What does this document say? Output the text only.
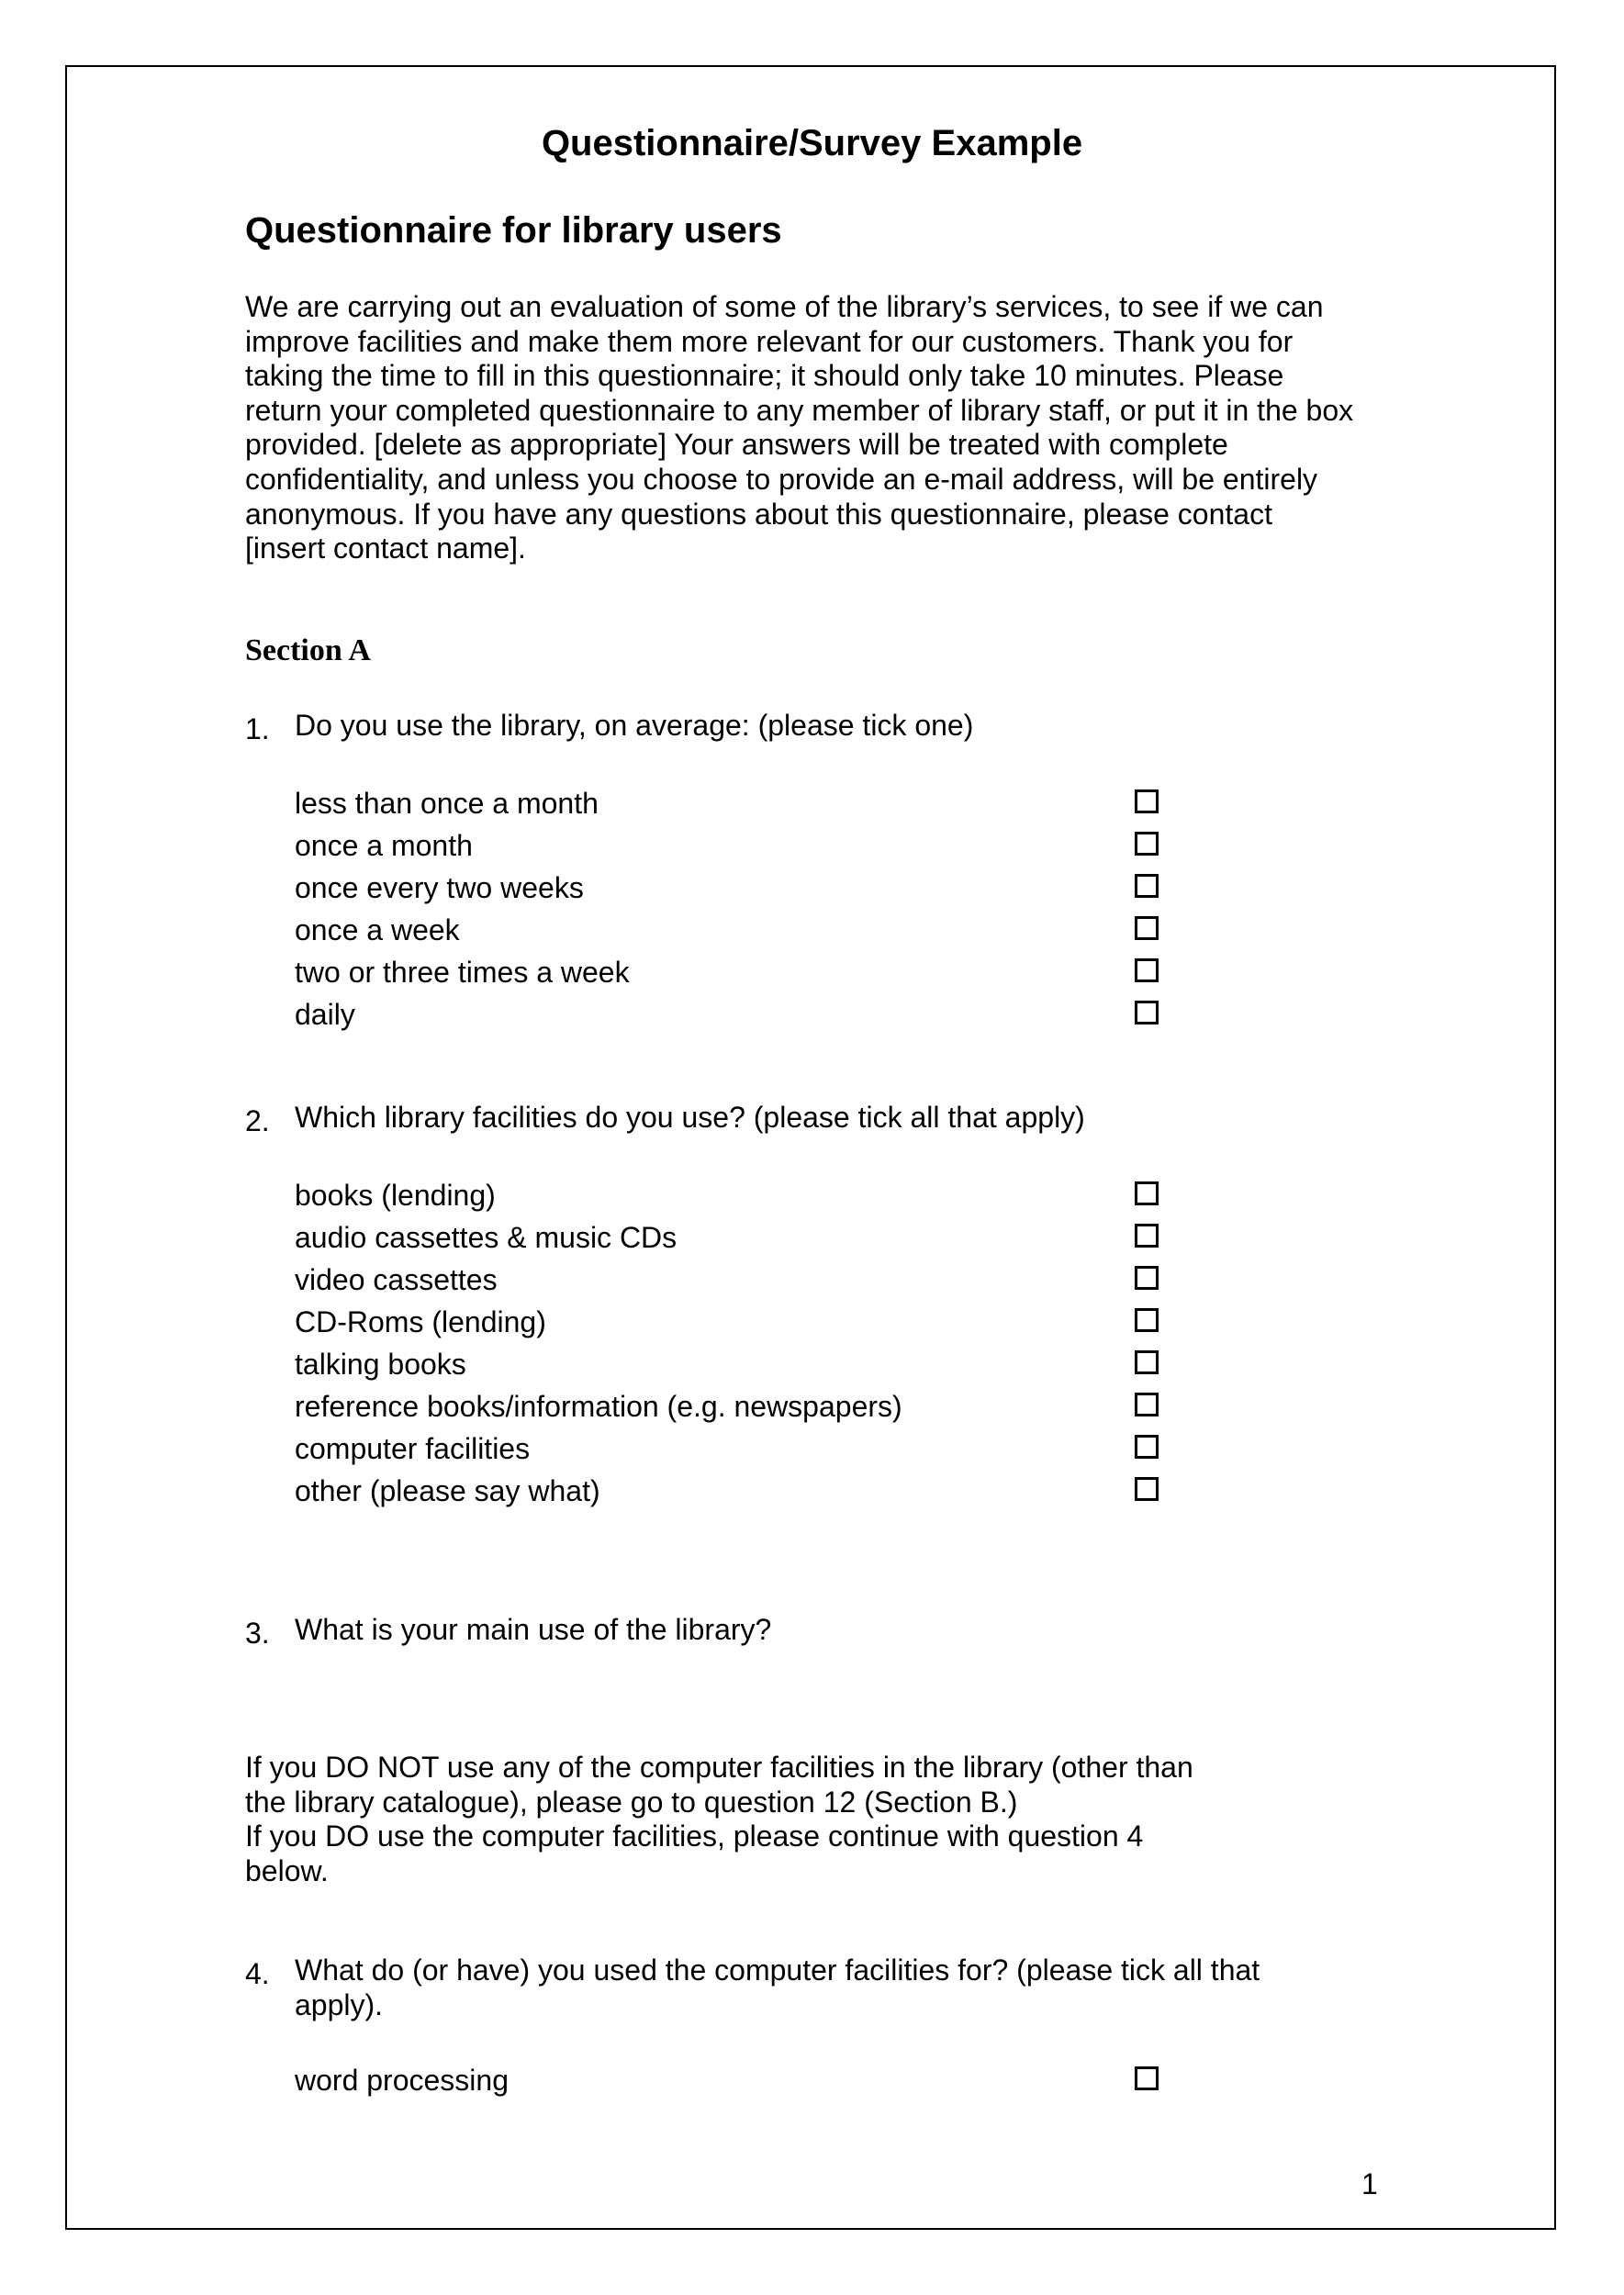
Questionnaire/Survey Example
Questionnaire for library users
We are carrying out an evaluation of some of the library’s services, to see if we can
improve facilities and make them more relevant for our customers. Thank you for
taking the time to fill in this questionnaire; it should only take 10 minutes. Please
return your completed questionnaire to any member of library staff, or put it in the box
provided. [delete as appropriate] Your answers will be treated with complete
confidentiality, and unless you choose to provide an e-mail address, will be entirely
anonymous. If you have any questions about this questionnaire, please contact
[insert contact name].
Section A
1. Do you use the library, on average: (please tick one)
less than once a month
once a month
once every two weeks
once a week
two or three times a week
daily
2. Which library facilities do you use? (please tick all that apply)
books (lending)
audio cassettes & music CDs
video cassettes
CD-Roms (lending)
talking books
reference books/information (e.g. newspapers)
computer facilities
other (please say what)
3. What is your main use of the library?
If you DO NOT use any of the computer facilities in the library (other than
the library catalogue), please go to question 12 (Section B.)
If you DO use the computer facilities, please continue with question 4
below.
4. What do (or have) you used the computer facilities for? (please tick all that
apply).
word processing
1
